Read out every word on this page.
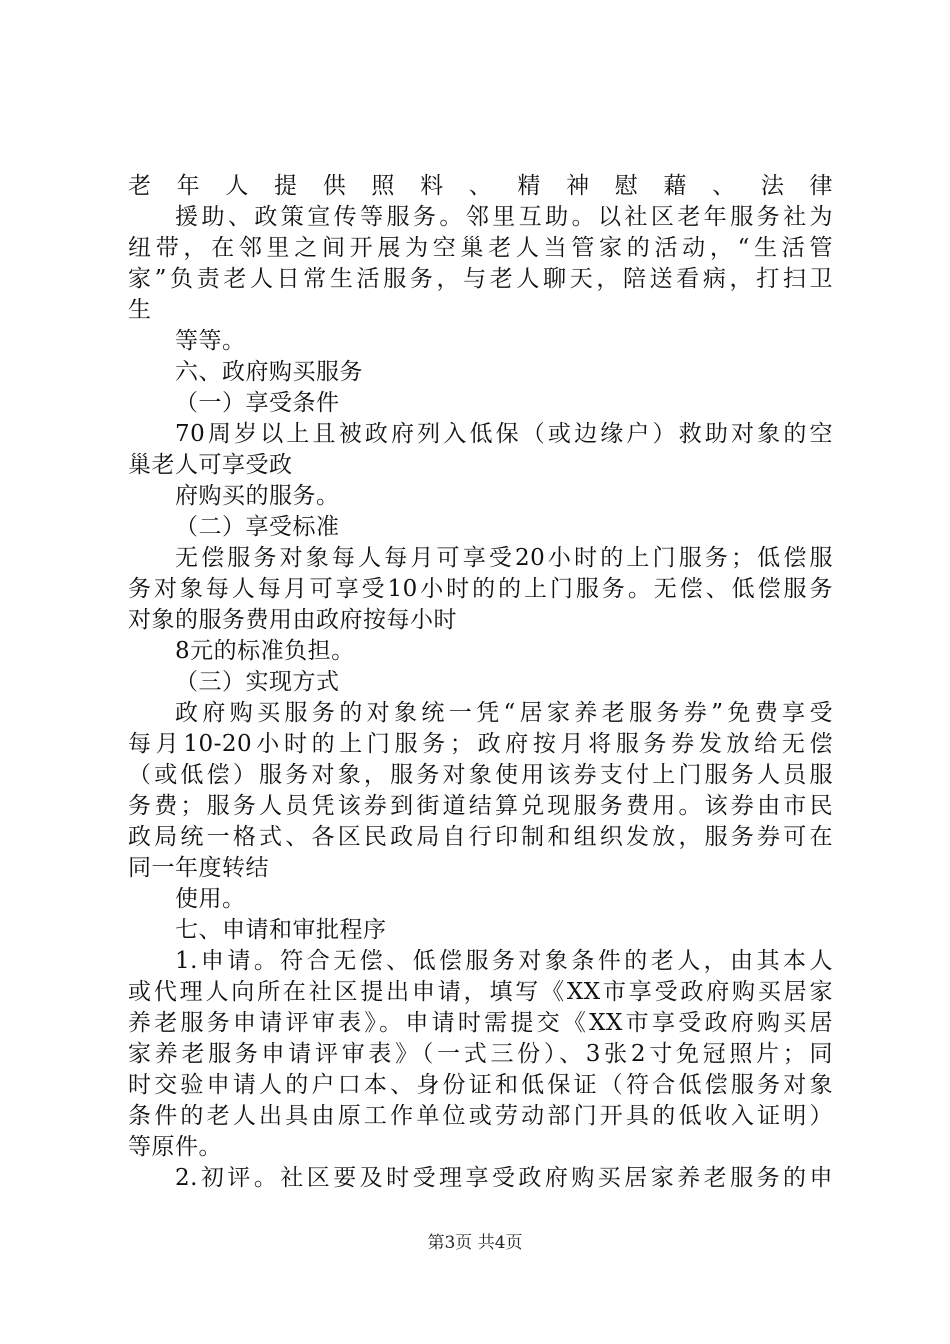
老年人提供照料、精神慰藉、法律
援助、政策宣传等服务。邻里互助。以社区老年服务社为
纽带，在邻里之间开展为空巢老人当管家的活动，“生活管
家”负责老人日常生活服务，与老人聊天，陪送看病，打扫卫
生
等等。
六、政府购买服务
（一）享受条件
70周岁以上且被政府列入低保（或边缘户）救助对象的空
巢老人可享受政
府购买的服务。
（二）享受标准
无偿服务对象每人每月可享受20小时的上门服务；低偿服
务对象每人每月可享受10小时的的上门服务。无偿、低偿服务
对象的服务费用由政府按每小时
8元的标准负担。
（三）实现方式
政府购买服务的对象统一凭“居家养老服务券”免费享受
每月10-20小时的上门服务；政府按月将服务券发放给无偿
（或低偿）服务对象，服务对象使用该券支付上门服务人员服
务费；服务人员凭该券到街道结算兑现服务费用。该券由市民
政局统一格式、各区民政局自行印制和组织发放，服务券可在
同一年度转结
使用。
七、申请和审批程序
1.申请。符合无偿、低偿服务对象条件的老人，由其本人
或代理人向所在社区提出申请，填写《XX市享受政府购买居家
养老服务申请评审表》。申请时需提交《XX市享受政府购买居
家养老服务申请评审表》（一式三份）、3张2寸免冠照片；同
时交验申请人的户口本、身份证和低保证（符合低偿服务对象
条件的老人出具由原工作单位或劳动部门开具的低收入证明）
等原件。
2.初评。社区要及时受理享受政府购买居家养老服务的申
第3页 共4页
